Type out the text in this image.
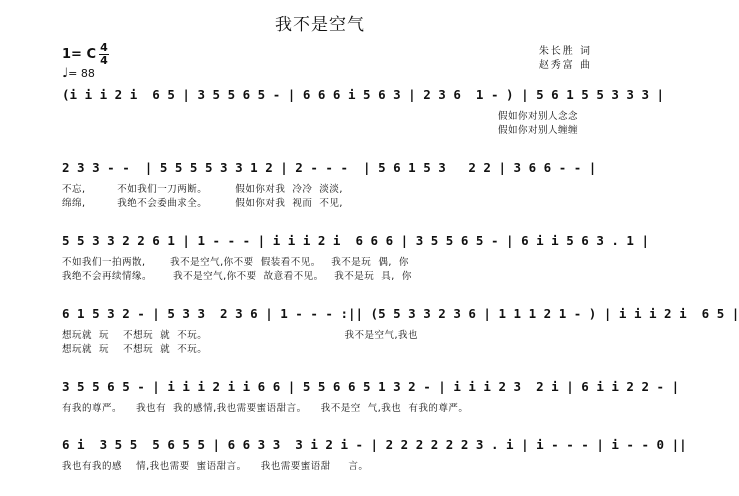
我不是空气
朱长胜 词
赵秀富 曲
1= C 4
4
♩= 88
(i i i 2 i  6 5 | 3 5 5 6 5 - | 6 6 6 i 5 6 3 | 2 3 6  1 - ) | 5 6 1 5 5 3 3 3 |
假如你对别人念念
假如你对别人缠缠
2 3 3 - -  | 5 5 5 5 3 3 1 2 | 2 - - -  | 5 6 1 5 3   2 2 | 3 6 6 - - |
不忘,         不如我们一刀两断。        假如你对我  冷冷  淡淡,
绵绵,         我绝不会委曲求全。        假如你对我  视而  不见,
5 5 3 3 2 2 6 1 | 1 - - - | i i i 2 i  6 6 6 | 3 5 5 6 5 - | 6 i i 5 6 3 . 1 |
不如我们一拍两散,       我不是空气,你不要  假装看不见。   我不是玩  偶,  你
我绝不会再续情缘。      我不是空气,你不要  故意看不见。   我不是玩  具,  你
6 1 5 3 2 - | 5 3 3  2 3 6 | 1 - - - :|| (5 5 3 3 2 3 6 | 1 1 1 2 1 - ) | i i i 2 i  6 5 |
想玩就  玩    不想玩  就  不玩。                                       我不是空气,我也
想玩就  玩    不想玩  就  不玩。
3 5 5 6 5 - | i i i 2 i i 6 6 | 5 5 6 6 5 1 3 2 - | i i i 2 3  2 i | 6 i i 2 2 - |
有我的尊严。    我也有  我的感情,我也需要蜜语甜言。    我不是空  气,我也  有我的尊严。
6 i  3 5 5  5 6 5 5 | 6 6 3 3  3 i 2 i - | 2 2 2 2 2 2 3 . i | i - - - | i - - 0 ||
我也有我的感    情,我也需要  蜜语甜言。    我也需要蜜语甜     言。
